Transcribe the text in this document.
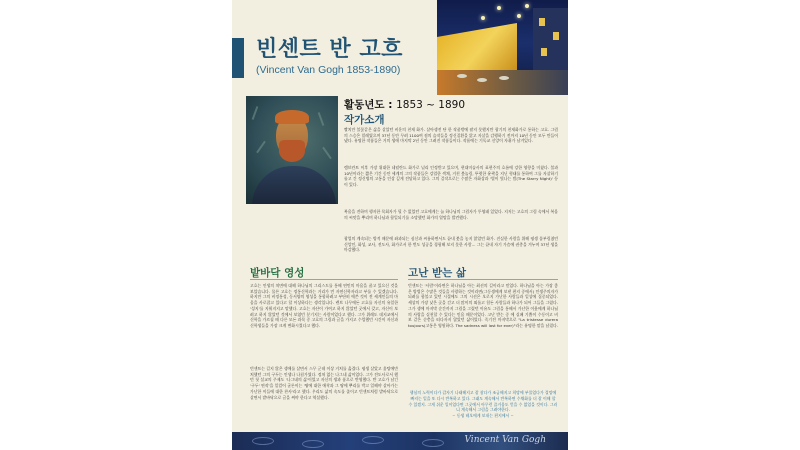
빈센트 반 고흐
(Vincent Van Gogh 1853-1890)
활동년도 : 1853 ~ 1890
작가소개

빨치만 불꽃같은 삶을 살았던 비운의 천재 화가. 살아생전 단 한 작품밖에 팔지 못했지만 광기의 천재화가로 통하는 고흐. 그림의 스승은 밀레였으며 37년 동안 무려 1100여 점의 습작들을 정신질환을 앓고 자살을 감행하기 전까지 10년 동안 모두 만들어냈다. 유명한 작품들은 거의 생애 마지막 2년 동안 그려진 작품들이다. 작품에는 기독교 신앙이 자취가 남겨있다.

렘브란트 이후 가장 위대한 네덜란드 화가로 널리 인정받고 있으며, 현대미술사의 표현주의 흐름에 강한 영향을 미쳤다. 불과 10년이라는 짧은 기간 동안 세계의 그의 작품들은 강렬한 색채, 거친 붓놀림, 뚜렷한 윤곽을 지닌 형태를 통하여 그를 자살하기 롤고 간 정신병의 고통을 인상 깊게 전달하고 있다. 그의 걸작으로는 수많은 자화상과 '별이 빛나는 밤(The Starry Night)' 등이 있다.

복음을 전하며 행자한 목회자가 될 수 없었던 고흐에게는 늘 하나님의 그림자가 투영돼 있었다. 지저는 고흐의 그림 속에서 복음의 씨앗을 뿌리며 하나님과 합일되기를 소망했던 화가의 열망을 발견했다.

광업의 계속되는 방적 때문에 좌과되는 심신과 씨름하면서도 끝내 붓을 놓지 않았던 화가. 진실한 사람을 위해 평생 몸부림쳤던 신앙인, 화성, 교사, 전도사, 화가로서 한 번도 성공을 경험해 보지 못한 사람… 그는 끝내 자기 가슴에 권총을 겨누며 37년 생을 마감했다.

밭바닥 영성

고흐는 인생의 치면에 대해 하나님의 그리스도를 통해 연민의 마음을 품고 있으신 것을 보았습니다. 물론 고흐는 정통신학과는 거리가 먼 자연신학자라고 부를 수 있겠습니다. 하지만 그의 비정통성, 동서양의 영성을 통합하려고 부단히 애쓴 것이 전 세계인들의 마음을 사로잡고 있다고 할 이상하다는 생각입니다. 렌브 나무에든 고흐를 자신의 유일한 '성지'를 지워지지고 말했다. 고흐는 자산이 가여고 하지 않았던 곳에서 갖고, 자신이 보려고 하지 않았던 것에서 보였던 분기지는 사람이었다고 했다. 그가 위레도 데지교에서 신학을 가르칠 때 다른 모든 과목 중 고흐의 그림과 글을 가지고 수업했던 시간이 자신과 신학생들을 가장 크게 변화시켰다고 했다.

빈센트는 길지 않은 생애를 살면서 스무 군데 이상 거처를 옮겼다. 평생 살았고 흙탕에만 처했던 그의 구두는 인생나 나침가였다. 정처 없는 나그네 삶이었다. 그가 전도사로서 했던 첫 설교의 주제도 '나그네의 삶'이었고 자신의 생과 품으로 반영했다. 반 고흐가 남긴 '구두' 연작'을 일컬어 굴론이는 '땅에 대한 애착과 그 땅에 뿌리를 박고 일해야 살아가는 가난한 이들에 대한 찬사'라고 했다. 우리도 삶의 속도를 줄이고 빈센트처럼 밭바닥으로 살면서 밭바닥으로 글을 써야 한다고 역설했다.

고난 받는 삶

빈센트는 '사람'이라면은 하나님을 아는 최선의 길이라고 믿었다. 하나님을 아는 가장 좋은 방법은 수많은 것들을 사랑하는 것이라면(그동생에게 보낸 편지 중에서) 인생주의자가 되려를 함불고 있던 시절에도 그의 시선은 오로지 가난한 사람들과 일상에 집중되었다. 세상의 가장 낮은 곳을 걷고 더 많이의 외롭고 힘든 사람들과 하나가 되어 그들을 그렸다. 그가 생에 마지막 순간까지 그림을 그렸던 이유도 그림을 통해서 가난한 이웃에게 하나님의 사랑을 실천할 수 있다는 믿음 때문이었다. 고난 받는 중 에 실패 기쁨이 수동이고 비보 같은 순충을 떠다자지 않았던 삶이었다. 죽기전 마지막으로 "La tristesse durera toujours(고통은 영원하다. The sadness will last for ever)"라는 유명한 말을 남겼다.

행심의 노력이다가 갑자기 나태해지고 잘 참다가 조급해지고 희망에 부풀었다가 절망에 빠지는 일을 또 다시 반복하고 있다. 그래도 계속해서 반복하면 수채화를 더 잘 이해 할 수 있겠지. 그게 쉬운 일이었다면 그곳에서 아무런 즐거움도 얻을 수 없었을 것이다. 그러니 계속해서 그림을 그려야한다.
~ 동생 테오에게 보내는 편지에서 ~
Vincent Van Gogh
